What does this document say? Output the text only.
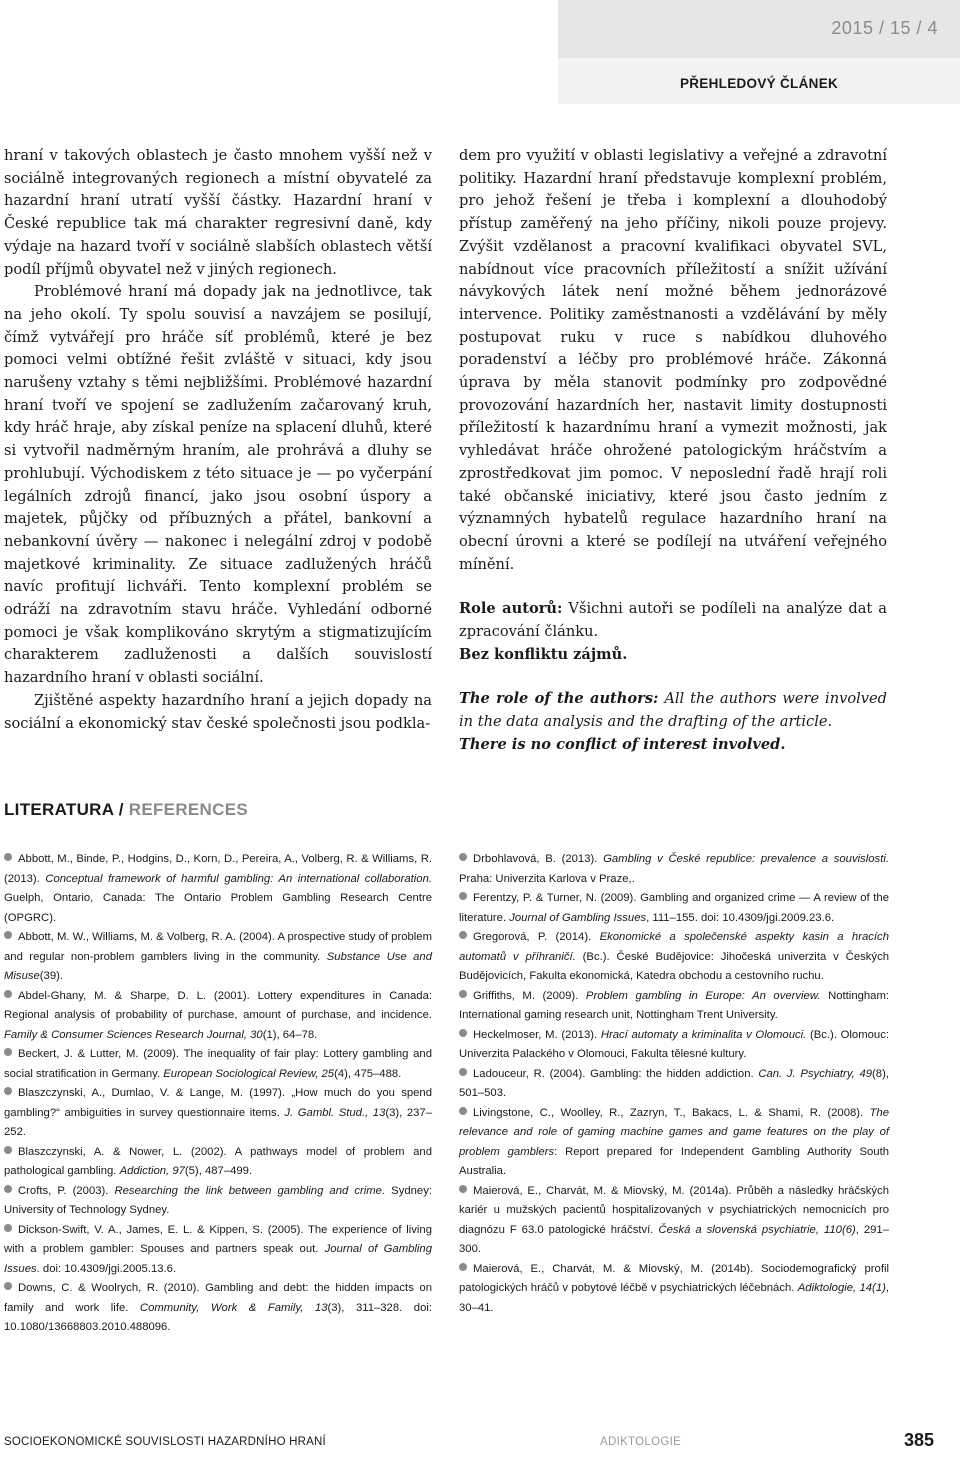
2015 / 15 / 4
PŘEHLEDOVÝ ČLÁNEK

hraní v takových oblastech je často mnohem vyšší než v sociálně integrovaných regionech a místní obyvatelé za hazardní hraní utratí vyšší částky. Hazardní hraní v České republice tak má charakter regresivní daně, kdy výdaje na hazard tvoří v sociálně slabších oblastech větší podíl příjmů obyvatel než v jiných regionech.

Problémové hraní má dopady jak na jednotlivce, tak na jeho okolí. Ty spolu souvisí a navzájem se posilují, čímž vytvářejí pro hráče síť problémů, které je bez pomoci velmi obtížné řešit zvláště v situaci, kdy jsou narušeny vztahy s těmi nejbližšími. Problémové hazardní hraní tvoří ve spojení se zadlužením začarovaný kruh, kdy hráč hraje, aby získal peníze na splacení dluhů, které si vytvořil nadměrným hraním, ale prohrává a dluhy se prohlubují. Východiskem z této situace je — po vyčerpání legálních zdrojů financí, jako jsou osobní úspory a majetek, půjčky od příbuzných a přátel, bankovní a nebankovní úvěry — nakonec i nelegální zdroj v podobě majetkové kriminality. Ze situace zadlužených hráčů navíc profitují lichváři. Tento komplexní problém se odráží na zdravotním stavu hráče. Vyhledání odborné pomoci je však komplikováno skrytým a stigmatizujícím charakterem zadluženosti a dalších souvislostí hazardního hraní v oblasti sociální.

Zjištěné aspekty hazardního hraní a jejich dopady na sociální a ekonomický stav české společnosti jsou podkla-

dem pro využití v oblasti legislativy a veřejné a zdravotní politiky. Hazardní hraní představuje komplexní problém, pro jehož řešení je třeba i komplexní a dlouhodobý přístup zaměřený na jeho příčiny, nikoli pouze projevy. Zvýšit vzdělanost a pracovní kvalifikaci obyvatel SVL, nabídnout více pracovních příležitostí a snížit užívání návykových látek není možné během jednorázové intervence. Politiky zaměstnanosti a vzdělávání by měly postupovat ruku v ruce s nabídkou dluhového poradenství a léčby pro problémové hráče. Zákonná úprava by měla stanovit podmínky pro zodpovědné provozování hazardních her, nastavit limity dostupnosti příležitostí k hazardnímu hraní a vymezit možnosti, jak vyhledávat hráče ohrožené patologickým hráčstvím a zprostředkovat jim pomoc. V neposlední řadě hrají roli také občanské iniciativy, které jsou často jedním z významných hybatelů regulace hazardního hraní na obecní úrovni a které se podílejí na utváření veřejného mínění.

Role autorů: Všichni autoři se podíleli na analýze dat a zpracování článku.

Bez konfliktu zájmů.

The role of the authors: All the authors were involved in the data analysis and the drafting of the article.

There is no conflict of interest involved.

LITERATURA / REFERENCES

Abbott, M., Binde, P., Hodgins, D., Korn, D., Pereira, A., Volberg, R. & Williams, R. (2013). Conceptual framework of harmful gambling: An international collaboration. Guelph, Ontario, Canada: The Ontario Problem Gambling Research Centre (OPGRC).

Abbott, M. W., Williams, M. & Volberg, R. A. (2004). A prospective study of problem and regular non-problem gamblers living in the community. Substance Use and Misuse(39).

Abdel-Ghany, M. & Sharpe, D. L. (2001). Lottery expenditures in Canada: Regional analysis of probability of purchase, amount of purchase, and incidence. Family & Consumer Sciences Research Journal, 30(1), 64–78.

Beckert, J. & Lutter, M. (2009). The inequality of fair play: Lottery gambling and social stratification in Germany. European Sociological Review, 25(4), 475–488.

Blaszczynski, A., Dumlao, V. & Lange, M. (1997). „How much do you spend gambling?“ ambiguities in survey questionnaire items. J. Gambl. Stud., 13(3), 237–252.

Blaszczynski, A. & Nower, L. (2002). A pathways model of problem and pathological gambling. Addiction, 97(5), 487–499.

Crofts, P. (2003). Researching the link between gambling and crime. Sydney: University of Technology Sydney.

Dickson-Swift, V. A., James, E. L. & Kippen, S. (2005). The experience of living with a problem gambler: Spouses and partners speak out. Journal of Gambling Issues. doi: 10.4309/jgi.2005.13.6.

Downs, C. & Woolrych, R. (2010). Gambling and debt: the hidden impacts on family and work life. Community, Work & Family, 13(3), 311–328. doi: 10.1080/13668803.2010.488096.

Drbohlavová, B. (2013). Gambling v České republice: prevalence a souvislosti. Praha: Univerzita Karlova v Praze,.

Ferentzy, P. & Turner, N. (2009). Gambling and organized crime — A review of the literature. Journal of Gambling Issues, 111–155. doi: 10.4309/jgi.2009.23.6.

Gregorová, P. (2014). Ekonomické a společenské aspekty kasin a hracích automatů v příhraničí. (Bc.). České Budějovice: Jihočeská univerzita v Českých Budějovicích, Fakulta ekonomická, Katedra obchodu a cestovního ruchu.

Griffiths, M. (2009). Problem gambling in Europe: An overview. Nottingham: International gaming research unit, Nottingham Trent University.

Heckelmoser, M. (2013). Hrací automaty a kriminalita v Olomouci. (Bc.). Olomouc: Univerzita Palackého v Olomouci, Fakulta tělesné kultury.

Ladouceur, R. (2004). Gambling: the hidden addiction. Can. J. Psychiatry, 49(8), 501–503.

Livingstone, C., Woolley, R., Zazryn, T., Bakacs, L. & Shami, R. (2008). The relevance and role of gaming machine games and game features on the play of problem gamblers: Report prepared for Independent Gambling Authority South Australia.

Maierová, E., Charvát, M. & Miovský, M. (2014a). Průběh a následky hráčských kariér u mužských pacientů hospitalizovaných v psychiatrických nemocnicích pro diagnózu F 63.0 patologické hráčství. Česká a slovenská psychiatrie, 110(6), 291–300.

Maierová, E., Charvát, M. & Miovský, M. (2014b). Sociodemografický profil patologických hráčů v pobytové léčbě v psychiatrických léčebnách. Adiktologie, 14(1), 30–41.

SOCIOEKONOMICKÉ SOUVISLOSTI HAZARDNÍHO HRANÍ	ADIKTOLOGIE	385
